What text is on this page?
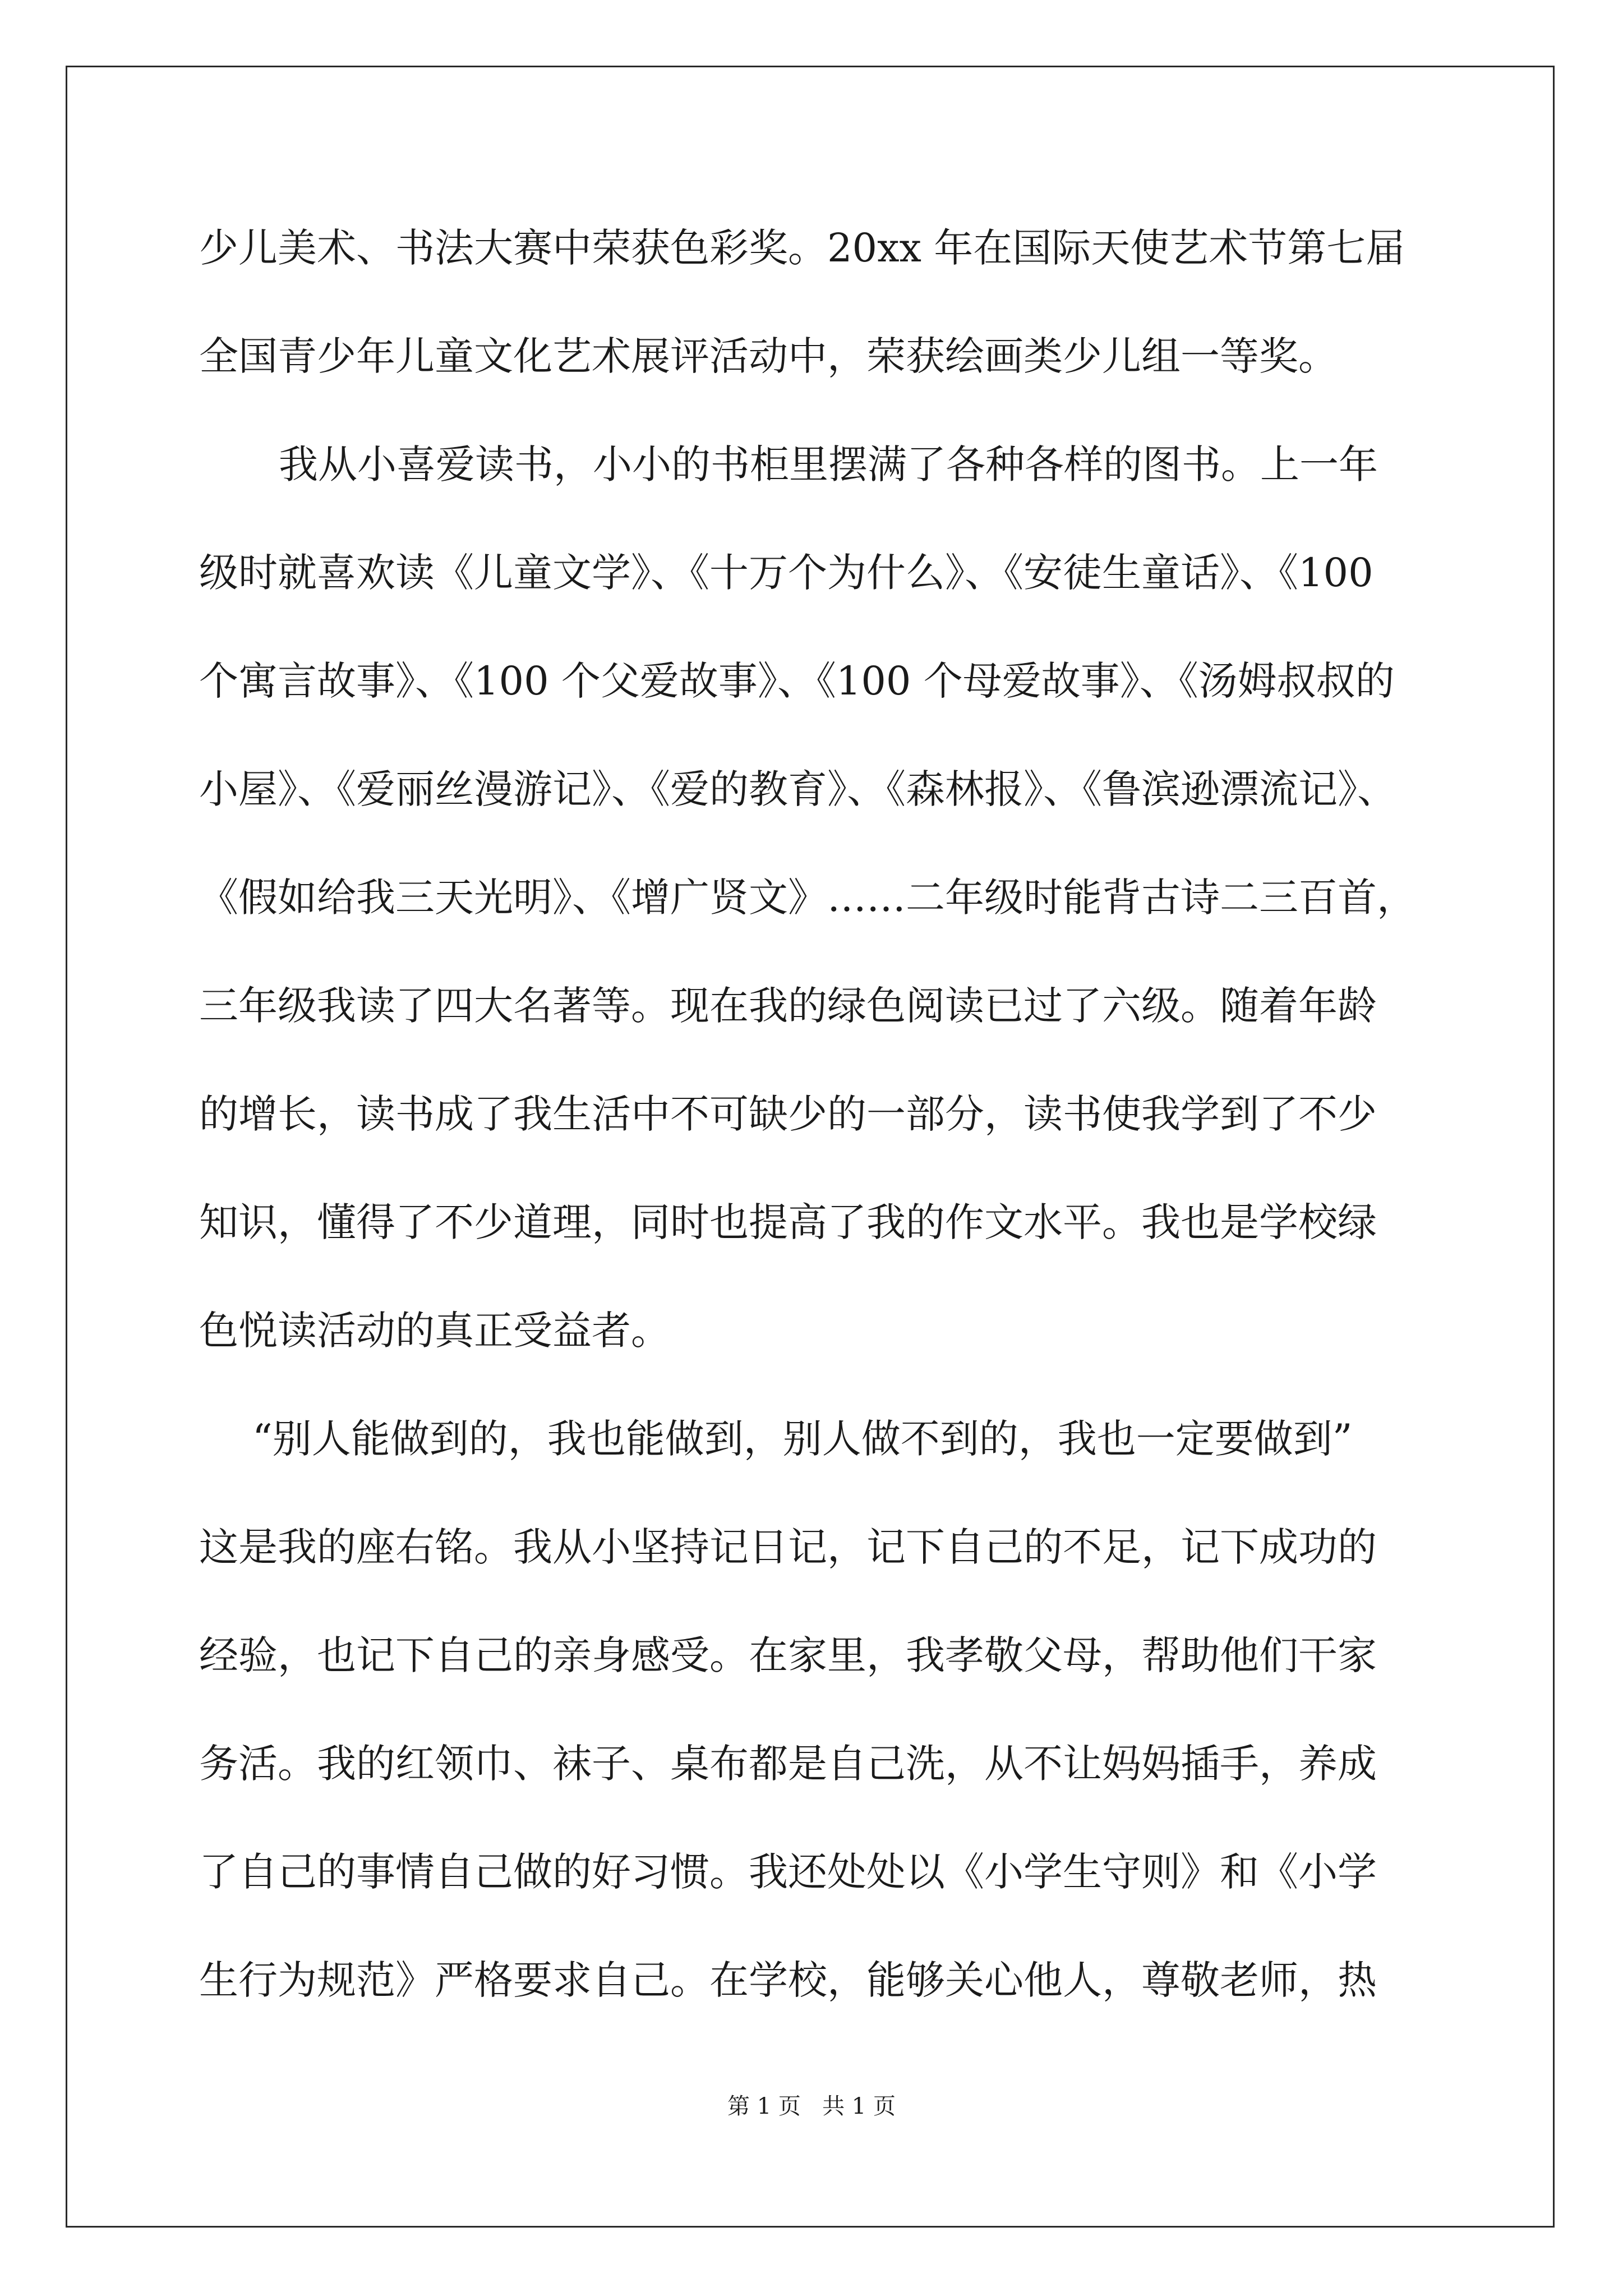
少儿美术、书法大赛中荣获色彩奖。20xx 年在国际天使艺术节第七届
全国青少年儿童文化艺术展评活动中，荣获绘画类少儿组一等奖。
我从小喜爱读书，小小的书柜里摆满了各种各样的图书。上一年
级时就喜欢读《儿童文学》、《十万个为什么》、《安徒生童话》、《100
个寓言故事》、《100 个父爱故事》、《100 个母爱故事》、《汤姆叔叔的
小屋》、《爱丽丝漫游记》、《爱的教育》、《森林报》、《鲁滨逊漂流记》、
《假如给我三天光明》、《增广贤文》……二年级时能背古诗二三百首，
三年级我读了四大名著等。现在我的绿色阅读已过了六级。随着年龄
的增长，读书成了我生活中不可缺少的一部分，读书使我学到了不少
知识，懂得了不少道理，同时也提高了我的作文水平。我也是学校绿
色悦读活动的真正受益者。
“别人能做到的，我也能做到，别人做不到的，我也一定要做到”
这是我的座右铭。我从小坚持记日记，记下自己的不足，记下成功的
经验，也记下自己的亲身感受。在家里，我孝敬父母，帮助他们干家
务活。我的红领巾、袜子、桌布都是自己洗，从不让妈妈插手，养成
了自己的事情自己做的好习惯。我还处处以《小学生守则》和《小学
生行为规范》严格要求自己。在学校，能够关心他人，尊敬老师，热
第 1 页   共 1 页
